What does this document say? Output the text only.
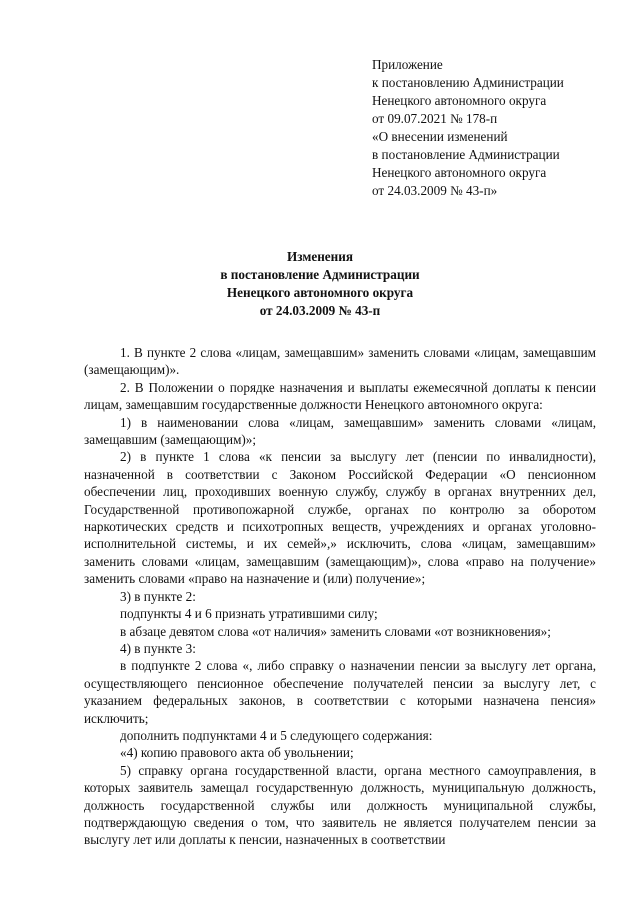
Приложение
к постановлению Администрации
Ненецкого автономного округа
от 09.07.2021 № 178-п
«О внесении изменений
в постановление Администрации
Ненецкого автономного округа
от 24.03.2009 № 43-п»
Изменения
в постановление Администрации
Ненецкого автономного округа
от 24.03.2009 № 43-п

1. В пункте 2 слова «лицам, замещавшим» заменить словами «лицам, замещавшим (замещающим)».

2. В Положении о порядке назначения и выплаты ежемесячной доплаты к пенсии лицам, замещавшим государственные должности Ненецкого автономного округа:

1) в наименовании слова «лицам, замещавшим» заменить словами «лицам, замещавшим (замещающим)»;

2) в пункте 1 слова «к пенсии за выслугу лет (пенсии по инвалидности), назначенной в соответствии с Законом Российской Федерации «О пенсионном обеспечении лиц, проходивших военную службу, службу в органах внутренних дел, Государственной противопожарной службе, органах по контролю за оборотом наркотических средств и психотропных веществ, учреждениях и органах уголовно-исполнительной системы, и их семей»,» исключить, слова «лицам, замещавшим» заменить словами «лицам, замещавшим (замещающим)», слова «право на получение» заменить словами «право на назначение и (или) получение»;

3) в пункте 2:

подпункты 4 и 6 признать утратившими силу;

в абзаце девятом слова «от наличия» заменить словами «от возникновения»;

4) в пункте 3:

в подпункте 2 слова «, либо справку о назначении пенсии за выслугу лет органа, осуществляющего пенсионное обеспечение получателей пенсии за выслугу лет, с указанием федеральных законов, в соответствии с которыми назначена пенсия» исключить;

дополнить подпунктами 4 и 5 следующего содержания:

«4) копию правового акта об увольнении;

5) справку органа государственной власти, органа местного самоуправления, в которых заявитель замещал государственную должность, муниципальную должность, должность государственной службы или должность муниципальной службы, подтверждающую сведения о том, что заявитель не является получателем пенсии за выслугу лет или доплаты к пенсии, назначенных в соответствии
